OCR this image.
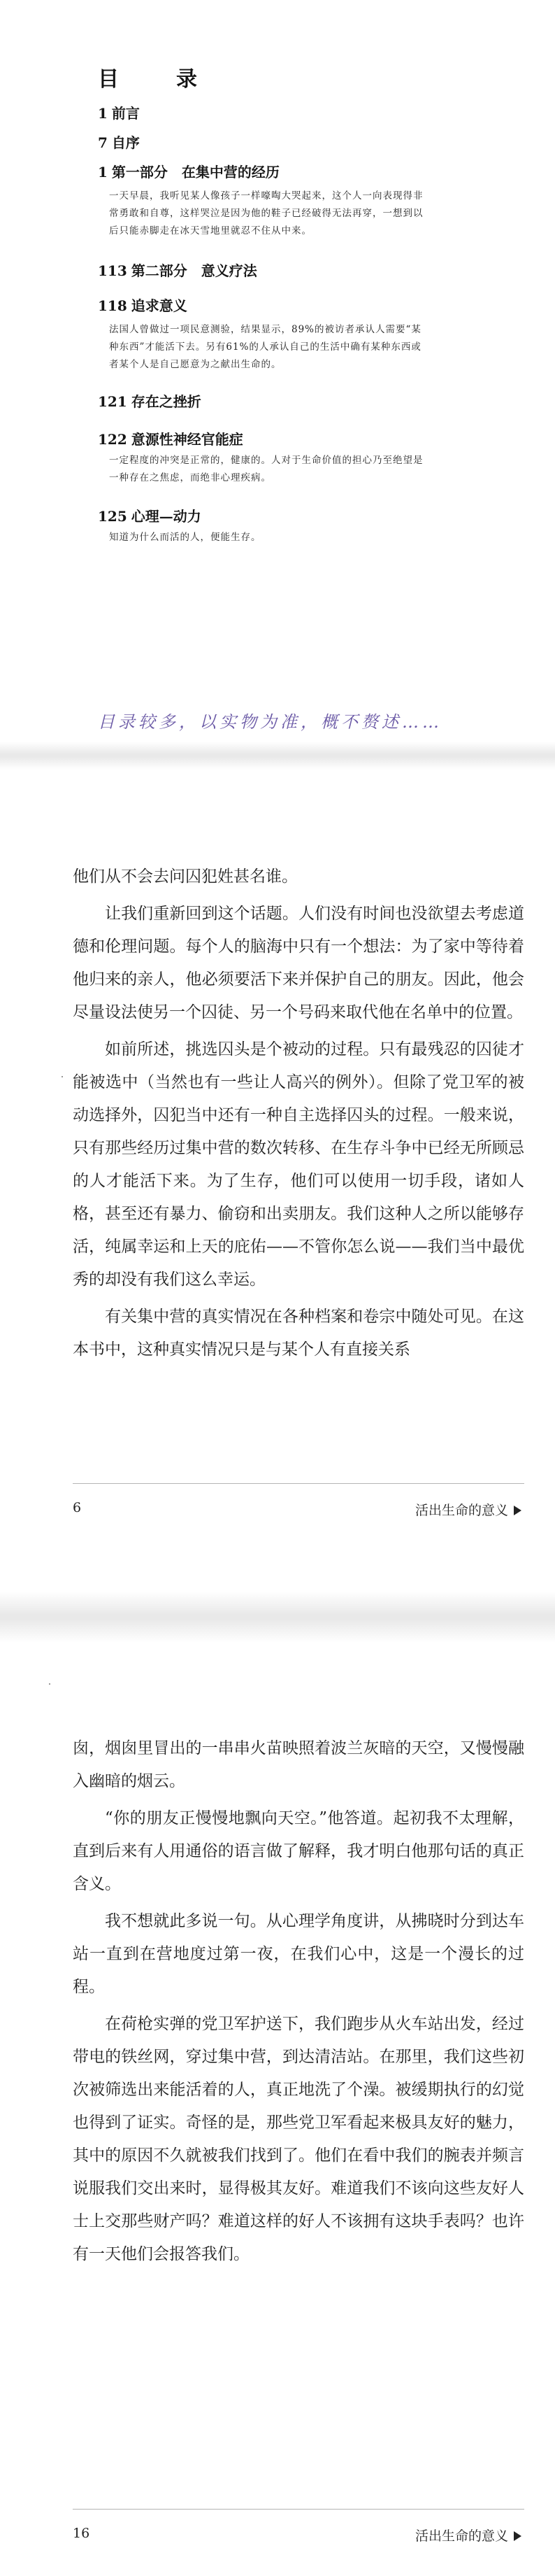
目　录
1 前言
7 自序
1 第一部分　在集中营的经历
一天早晨，我听见某人像孩子一样嚎啕大哭起来，这个人一向表现得非常勇敢和自尊，这样哭泣是因为他的鞋子已经破得无法再穿，一想到以后只能赤脚走在冰天雪地里就忍不住从中来。
113 第二部分　意义疗法
118 追求意义
法国人曾做过一项民意测验，结果显示，89%的被访者承认人需要“某种东西”才能活下去。另有61%的人承认自己的生活中确有某种东西或者某个人是自己愿意为之献出生命的。
121 存在之挫折
122 意源性神经官能症
一定程度的冲突是正常的，健康的。人对于生命价值的担心乃至绝望是一种存在之焦虑，而绝非心理疾病。
125 心理—动力
知道为什么而活的人，便能生存。
目录较多，以实物为准，概不赘述……

他们从不会去问囚犯姓甚名谁。

让我们重新回到这个话题。人们没有时间也没欲望去考虑道德和伦理问题。每个人的脑海中只有一个想法：为了家中等待着他归来的亲人，他必须要活下来并保护自己的朋友。因此，他会尽量设法使另一个囚徒、另一个号码来取代他在名单中的位置。

如前所述，挑选囚头是个被动的过程。只有最残忍的囚徒才能被选中（当然也有一些让人高兴的例外）。但除了党卫军的被动选择外，囚犯当中还有一种自主选择囚头的过程。一般来说，只有那些经历过集中营的数次转移、在生存斗争中已经无所顾忌的人才能活下来。为了生存，他们可以使用一切手段，诸如人格，甚至还有暴力、偷窃和出卖朋友。我们这种人之所以能够存活，纯属幸运和上天的庇佑——不管你怎么说——我们当中最优秀的却没有我们这么幸运。

有关集中营的真实情况在各种档案和卷宗中随处可见。在这本书中，这种真实情况只是与某个人有直接关系

6	活出生命的意义

囱，烟囱里冒出的一串串火苗映照着波兰灰暗的天空，又慢慢融入幽暗的烟云。

“你的朋友正慢慢地飘向天空。”他答道。起初我不太理解，直到后来有人用通俗的语言做了解释，我才明白他那句话的真正含义。

我不想就此多说一句。从心理学角度讲，从拂晓时分到达车站一直到在营地度过第一夜，在我们心中，这是一个漫长的过程。

在荷枪实弹的党卫军护送下，我们跑步从火车站出发，经过带电的铁丝网，穿过集中营，到达清洁站。在那里，我们这些初次被筛选出来能活着的人，真正地洗了个澡。被缓期执行的幻觉也得到了证实。奇怪的是，那些党卫军看起来极具友好的魅力，其中的原因不久就被我们找到了。他们在看中我们的腕表并频言说服我们交出来时，显得极其友好。难道我们不该向这些友好人士上交那些财产吗？难道这样的好人不该拥有这块手表吗？也许有一天他们会报答我们。

16	活出生命的意义
